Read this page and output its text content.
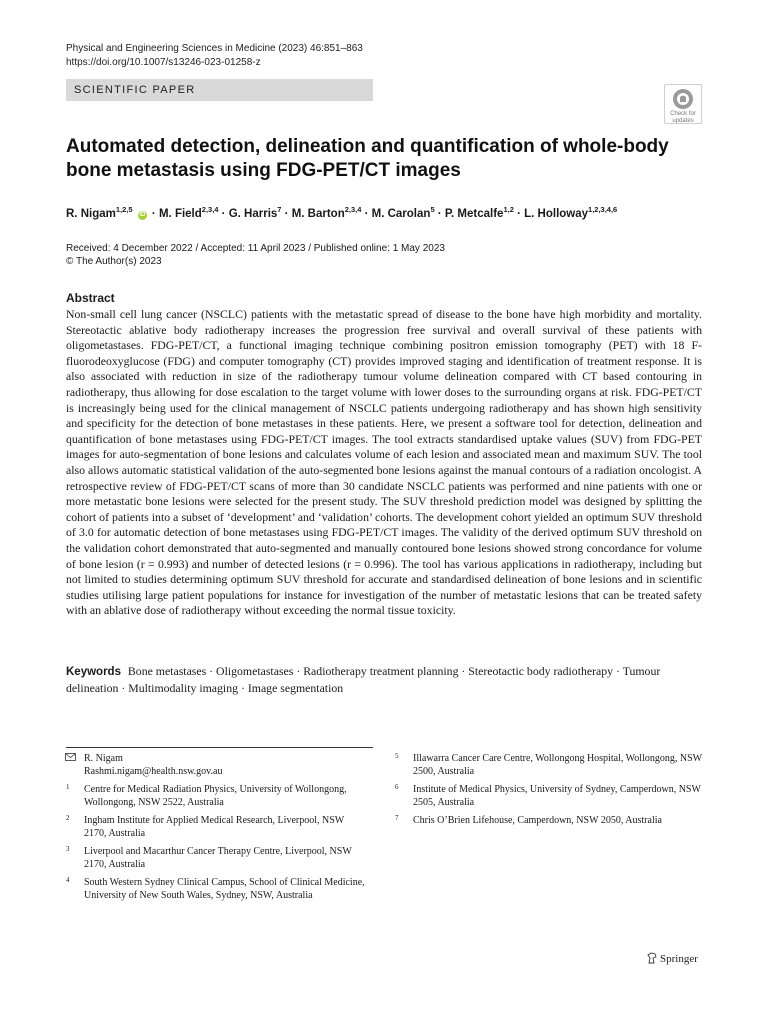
Physical and Engineering Sciences in Medicine (2023) 46:851–863
https://doi.org/10.1007/s13246-023-01258-z
SCIENTIFIC PAPER
Check for
updates
Automated detection, delineation and quantification of whole-body
bone metastasis using FDG-PET/CT images
R. Nigam$^{1,2,5}$ iD · M. Field$^{2,3,4}$ · G. Harris$^7$ · M. Barton$^{2,3,4}$ · M. Carolan$^5$ · P. Metcalfe$^{1,2}$ · L. Holloway$^{1,2,3,4,6}$
Received: 4 December 2022 / Accepted: 11 April 2023 / Published online: 1 May 2023
© The Author(s) 2023
Abstract
Non-small cell lung cancer (NSCLC) patients with the metastatic spread of disease to the bone have high morbidity and mortality. Stereotactic ablative body radiotherapy increases the progression free survival and overall survival of these patients with oligometastases. FDG-PET/CT, a functional imaging technique combining positron emission tomography (PET) with 18 F-fluorodeoxyglucose (FDG) and computer tomography (CT) provides improved staging and identification of treatment response. It is also associated with reduction in size of the radiotherapy tumour volume delineation compared with CT based contouring in radiotherapy, thus allowing for dose escalation to the target volume with lower doses to the surrounding organs at risk. FDG-PET/CT is increasingly being used for the clinical management of NSCLC patients undergoing radiotherapy and has shown high sensitivity and specificity for the detection of bone metastases in these patients. Here, we present a software tool for detection, delineation and quantification of bone metastases using FDG-PET/CT images. The tool extracts standardised uptake values (SUV) from FDG-PET images for auto-segmentation of bone lesions and calculates volume of each lesion and associated mean and maximum SUV. The tool also allows automatic statistical validation of the auto-segmented bone lesions against the manual contours of a radiation oncologist. A retrospective review of FDG-PET/CT scans of more than 30 candidate NSCLC patients was performed and nine patients with one or more metastatic bone lesions were selected for the present study. The SUV threshold prediction model was designed by splitting the cohort of patients into a subset of ‘development’ and ‘validation’ cohorts. The development cohort yielded an optimum SUV threshold of 3.0 for automatic detection of bone metastases using FDG-PET/CT images. The validity of the derived optimum SUV threshold on the validation cohort demonstrated that auto-segmented and manually contoured bone lesions showed strong concordance for volume of bone lesion (r = 0.993) and number of detected lesions (r = 0.996). The tool has various applications in radiotherapy, including but not limited to studies determining optimum SUV threshold for accurate and standardised delineation of bone lesions and in scientific studies utilising large patient populations for instance for investigation of the number of metastatic lesions that can be treated safety with an ablative dose of radiotherapy without exceeding the normal tissue toxicity.
Keywords Bone metastases · Oligometastases · Radiotherapy treatment planning · Stereotactic body radiotherapy · Tumour delineation · Multimodality imaging · Image segmentation
R. Nigam
Rashmi.nigam@health.nsw.gov.au
1 Centre for Medical Radiation Physics, University of Wollongong, Wollongong, NSW 2522, Australia
2 Ingham Institute for Applied Medical Research, Liverpool, NSW 2170, Australia
3 Liverpool and Macarthur Cancer Therapy Centre, Liverpool, NSW 2170, Australia
4 South Western Sydney Clinical Campus, School of Clinical Medicine, University of New South Wales, Sydney, NSW, Australia
5 Illawarra Cancer Care Centre, Wollongong Hospital, Wollongong, NSW 2500, Australia
6 Institute of Medical Physics, University of Sydney, Camperdown, NSW 2505, Australia
7 Chris O’Brien Lifehouse, Camperdown, NSW 2050, Australia
Springer
